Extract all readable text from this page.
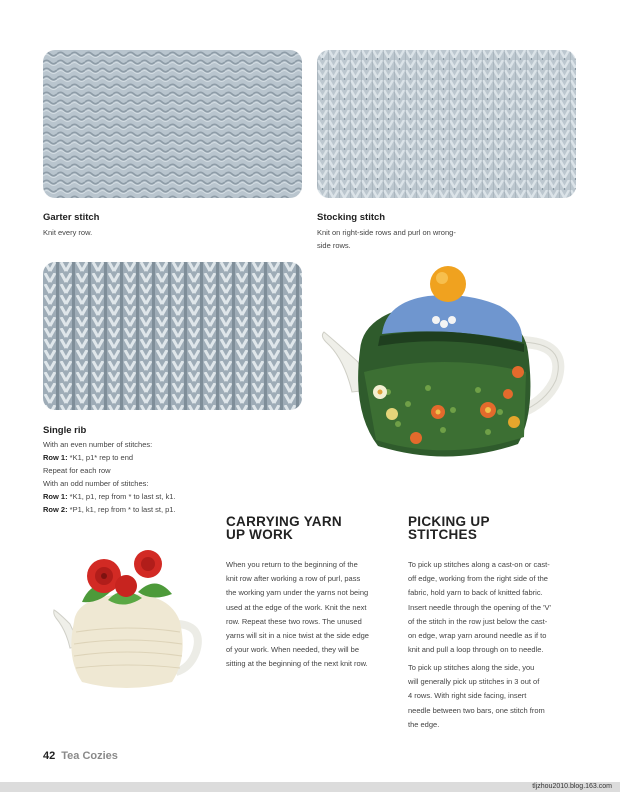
Garter stitch
Knit every row.
Stocking stitch
Knit on right-side rows and purl on wrong-
side rows.
Single rib
With an even number of stitches:
Row 1: *K1, p1* rep to end
Repeat for each row
With an odd number of stitches:
Row 1: *K1, p1, rep from * to last st, k1.
Row 2: *P1, k1, rep from * to last st, p1.
CARRYING YARN
UP WORK
When you return to the beginning of the
knit row after working a row of purl, pass
the working yarn under the yarns not being
used at the edge of the work. Knit the next
row. Repeat these two rows. The unused
yarns will sit in a nice twist at the side edge
of your work. When needed, they will be
sitting at the beginning of the next knit row.
PICKING UP
STITCHES
To pick up stitches along a cast-on or cast-
off edge, working from the right side of the
fabric, hold yarn to back of knitted fabric.
Insert needle through the opening of the 'V'
of the stitch in the row just below the cast-
on edge, wrap yarn around needle as if to
knit and pull a loop through on to needle.
To pick up stitches along the side, you
will generally pick up stitches in 3 out of
4 rows. With right side facing, insert
needle between two bars, one stitch from
the edge.
42 Tea Cozies
tljzhou2010.blog.163.com
